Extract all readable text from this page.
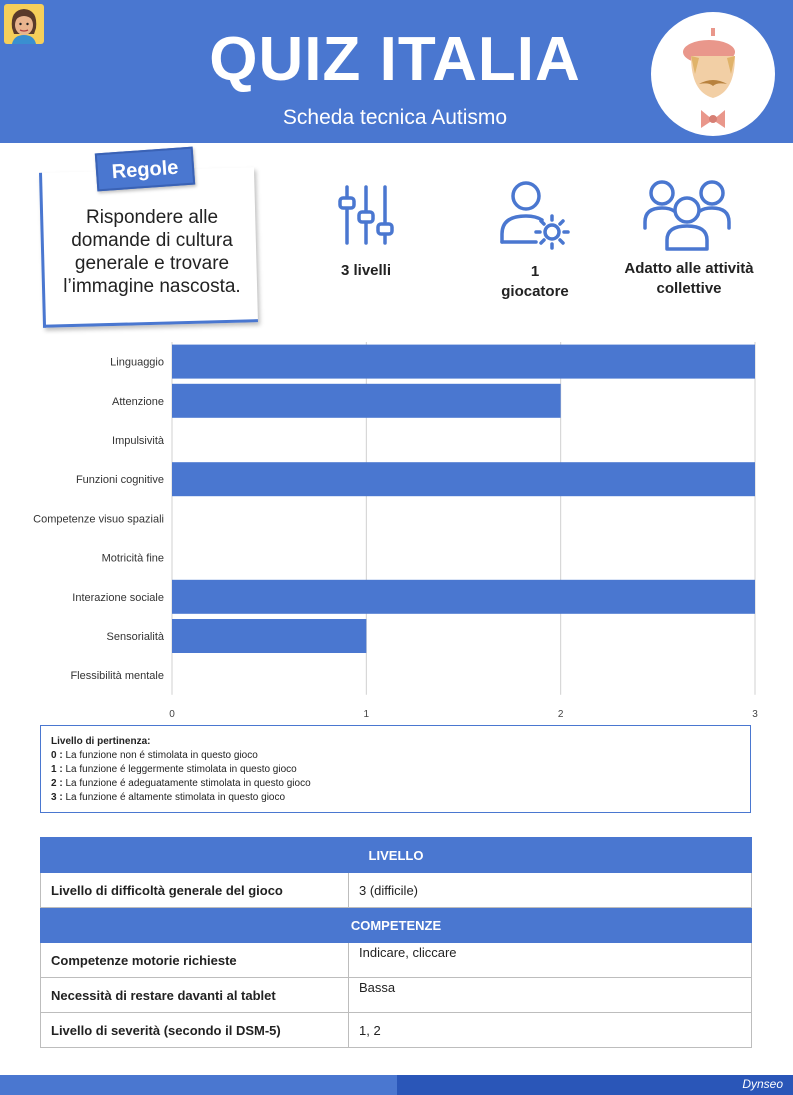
QUIZ ITALIA
Scheda tecnica Autismo
Rispondere alle domande di cultura generale e trovare l’immagine nascosta.
Regole
3 livelli	1
giocatore
Adatto alle attività
collettive
0	1	2	3
Linguaggio
Attenzione
Impulsività
Funzioni cognitive
Competenze visuo spaziali
Motricità fine
Interazione sociale
Sensorialità
Flessibilità mentale
Livello di pertinenza:
0 : La funzione non é stimolata in questo gioco
1 : La funzione é leggermente stimolata in questo gioco
2 : La funzione é adeguatamente stimolata in questo gioco
3 : La funzione é altamente stimolata in questo gioco
LIVELLO	
Livello di difficoltà generale del gioco	3 (difficile)
COMPETENZE	
Competenze motorie richieste	Indicare, cliccare
Necessità di restare davanti al tablet	Bassa
Livello di severità (secondo il DSM-5)	1, 2
Dynseo
